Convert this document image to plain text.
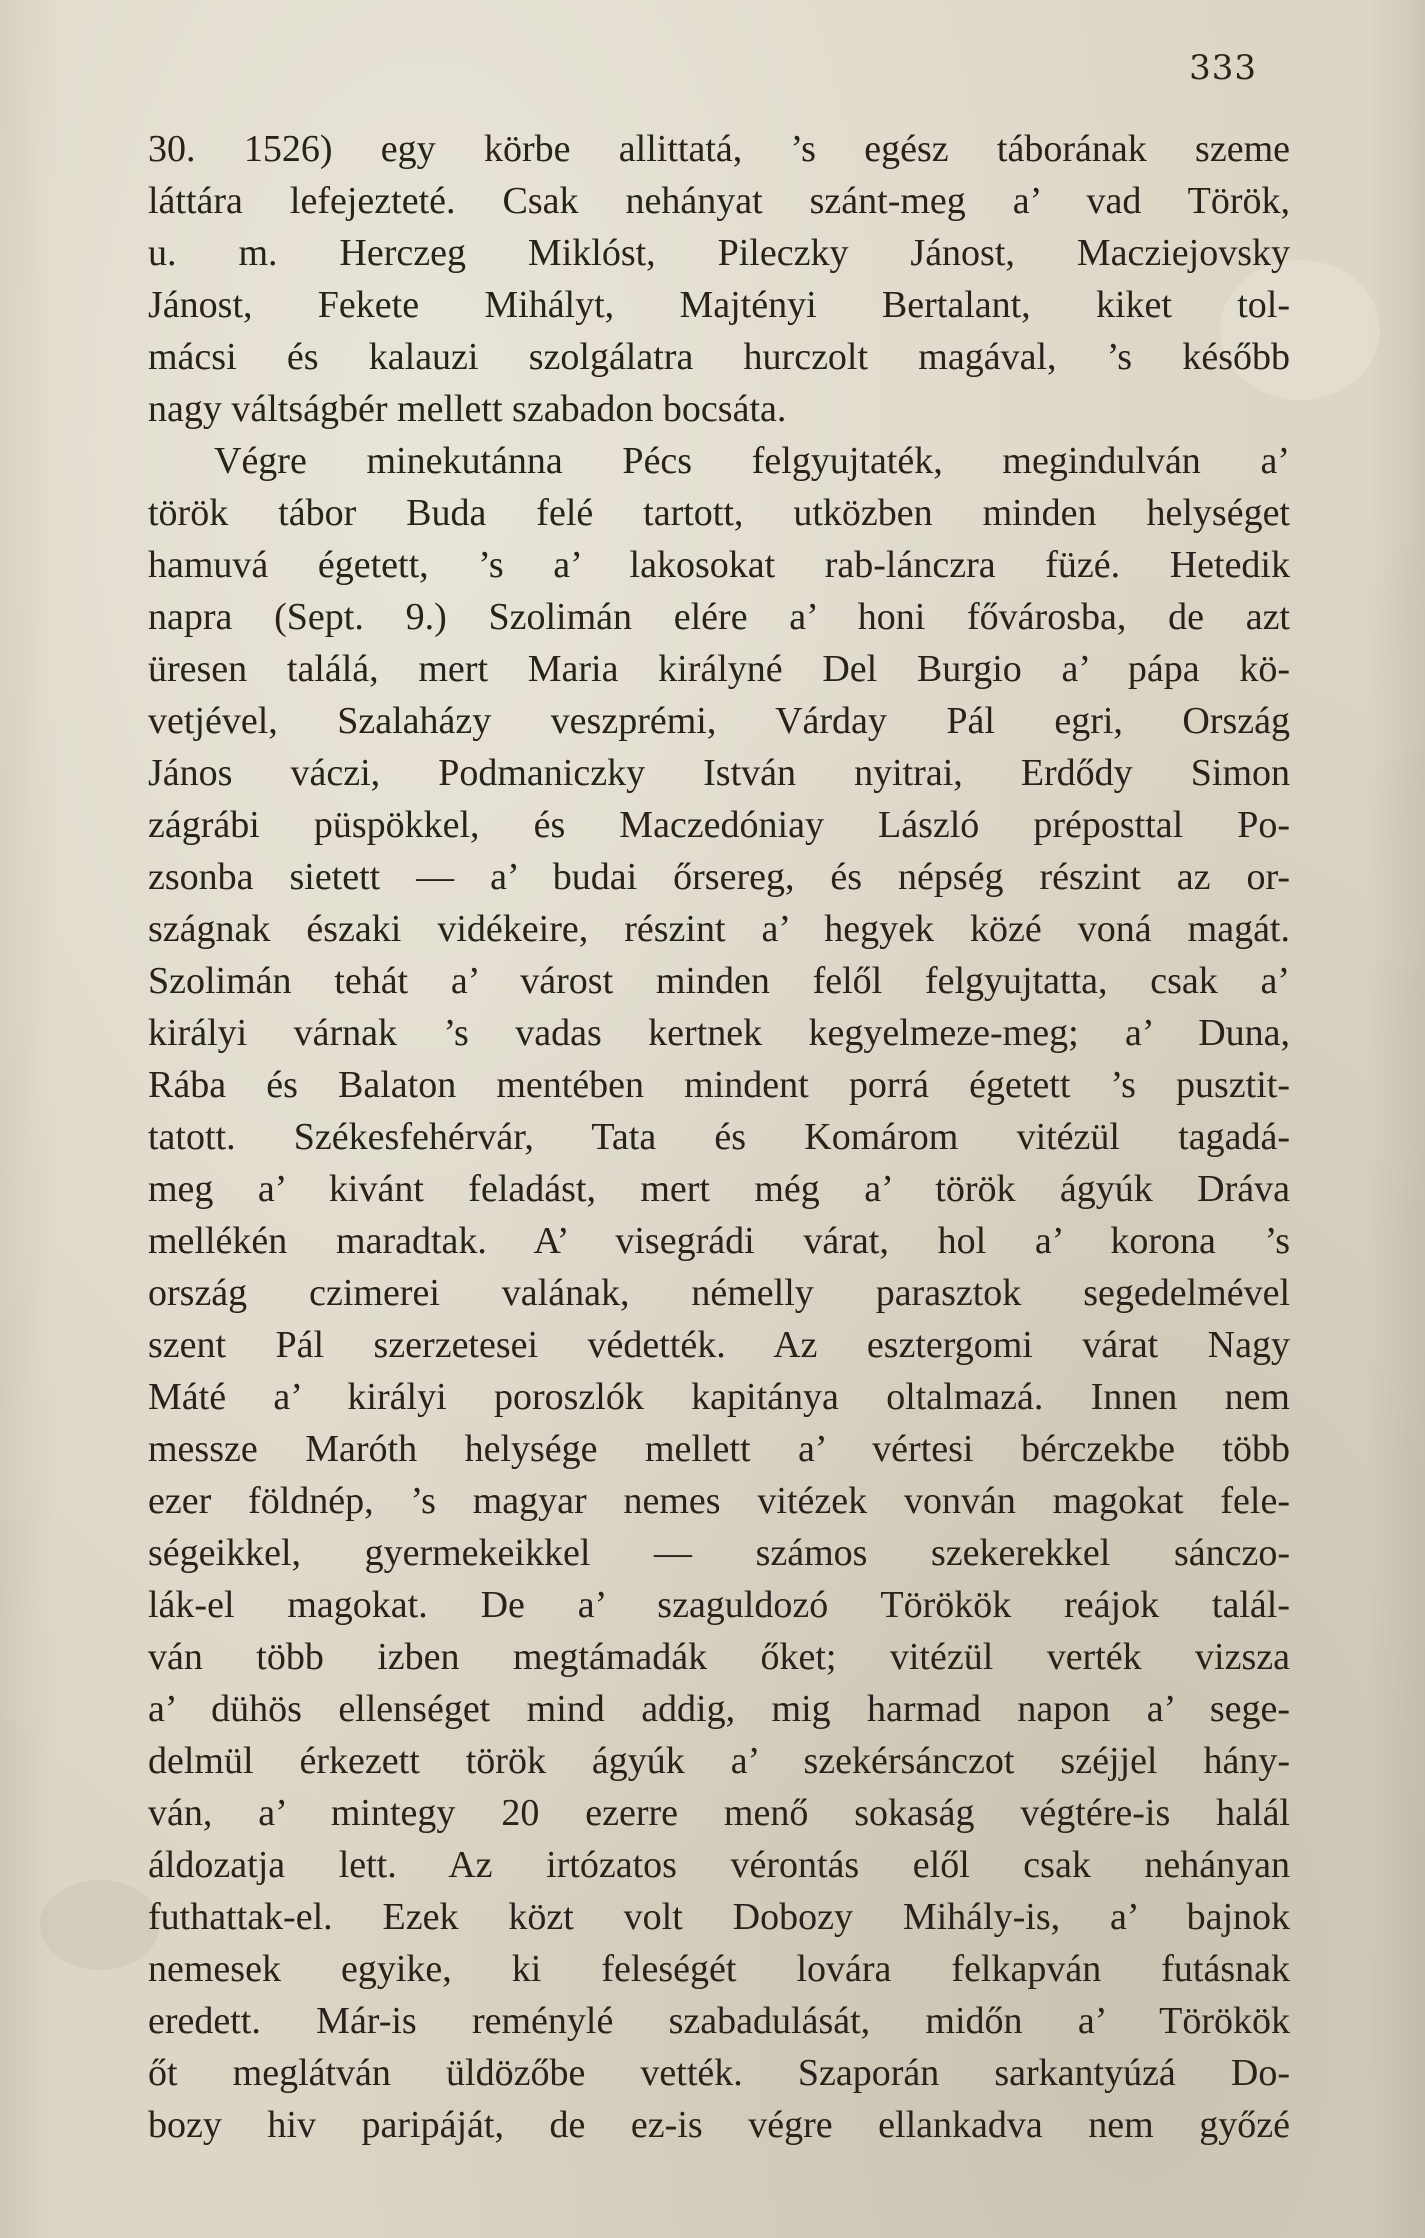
333
30. 1526) egy körbe allittatá, ’s egész táborának szeme
láttára lefejezteté. Csak nehányat szánt-meg a’ vad Török,
u. m. Herczeg Miklóst, Pileczky Jánost, Macziejovsky
Jánost, Fekete Mihályt, Majtényi Bertalant, kiket tol-
mácsi és kalauzi szolgálatra hurczolt magával, ’s később
nagy váltságbér mellett szabadon bocsáta.
Végre minekutánna Pécs felgyujtaték, megindulván a’
török tábor Buda felé tartott, utközben minden helységet
hamuvá égetett, ’s a’ lakosokat rab-lánczra füzé. Hetedik
napra (Sept. 9.) Szolimán elére a’ honi fővárosba, de azt
üresen találá, mert Maria királyné Del Burgio a’ pápa kö-
vetjével, Szalaházy veszprémi, Várday Pál egri, Ország
János váczi, Podmaniczky István nyitrai, Erdődy Simon
zágrábi püspökkel, és Maczedóniay László préposttal Po-
zsonba sietett — a’ budai őrsereg, és népség részint az or-
szágnak északi vidékeire, részint a’ hegyek közé voná magát.
Szolimán tehát a’ várost minden felől felgyujtatta, csak a’
királyi várnak ’s vadas kertnek kegyelmeze-meg; a’ Duna,
Rába és Balaton mentében mindent porrá égetett ’s pusztit-
tatott. Székesfehérvár, Tata és Komárom vitézül tagadá-
meg a’ kivánt feladást, mert még a’ török ágyúk Dráva
mellékén maradtak. A’ visegrádi várat, hol a’ korona ’s
ország czimerei valának, némelly parasztok segedelmével
szent Pál szerzetesei védették. Az esztergomi várat Nagy
Máté a’ királyi poroszlók kapitánya oltalmazá. Innen nem
messze Maróth helysége mellett a’ vértesi bérczekbe több
ezer földnép, ’s magyar nemes vitézek vonván magokat fele-
ségeikkel, gyermekeikkel — számos szekerekkel sánczo-
lák-el magokat. De a’ szaguldozó Törökök reájok talál-
ván több izben megtámadák őket; vitézül verték vizsza
a’ dühös ellenséget mind addig, mig harmad napon a’ sege-
delmül érkezett török ágyúk a’ szekérsánczot széjjel hány-
ván, a’ mintegy 20 ezerre menő sokaság végtére-is halál
áldozatja lett. Az irtózatos vérontás elől csak nehányan
futhattak-el. Ezek közt volt Dobozy Mihály-is, a’ bajnok
nemesek egyike, ki feleségét lovára felkapván futásnak
eredett. Már-is reménylé szabadulását, midőn a’ Törökök
őt meglátván üldözőbe vették. Szaporán sarkantyúzá Do-
bozy hiv paripáját, de ez-is végre ellankadva nem győzé
